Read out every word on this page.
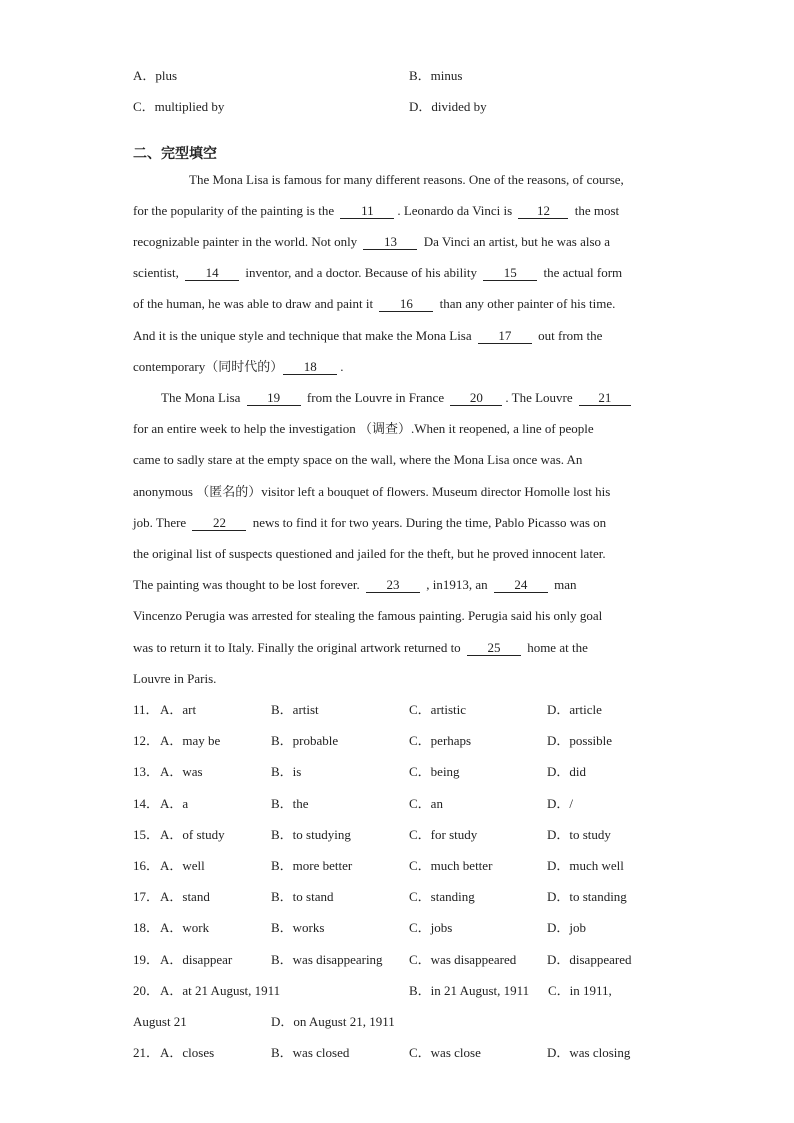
A．plus	B．minus
C．multiplied by	D．divided by
二、完型填空
The Mona Lisa is famous for many different reasons. One of the reasons, of course,
for the popularity of the painting is the 11 . Leonardo da Vinci is 12 the most
recognizable painter in the world. Not only 13 Da Vinci an artist, but he was also a
scientist, 14 inventor, and a doctor. Because of his ability 15 the actual form
of the human, he was able to draw and paint it 16 than any other painter of his time.
And it is the unique style and technique that make the Mona Lisa 17 out from the
contemporary（同时代的） 18 .
The Mona Lisa 19 from the Louvre in France 20 . The Louvre 21
for an entire week to help the investigation （调查）.When it reopened, a line of people
came to sadly stare at the empty space on the wall, where the Mona Lisa once was. An
anonymous （匿名的）visitor left a bouquet of flowers. Museum director Homolle lost his
job. There 22 news to find it for two years. During the time, Pablo Picasso was on
the original list of suspects questioned and jailed for the theft, but he proved innocent later.
The painting was thought to be lost forever. 23 , in1913, an 24 man
Vincenzo Perugia was arrested for stealing the famous painting. Perugia said his only goal
was to return it to Italy. Finally the original artwork returned to 25 home at the
Louvre in Paris.
11． A．art	B．artist	C．artistic	D．article
12． A．may be	B．probable	C．perhaps	D．possible
13． A．was	B．is	C．being	D．did
14． A．a	B．the	C．an	D．/
15． A．of study	B．to studying	C．for study	D．to study
16． A．well	B．more better	C．much better	D．much well
17． A．stand	B．to stand	C．standing	D．to standing
18． A．work	B．works	C．jobs	D．job
19． A．disappear	B．was disappearing C．was disappeared D．disappeared
20． A．at 21 August, 1911	B．in 21 August, 1911 C．in 1911,
August 21	D．on August 21, 1911
21． A．closes	B．was closed	C．was close	D．was closing
